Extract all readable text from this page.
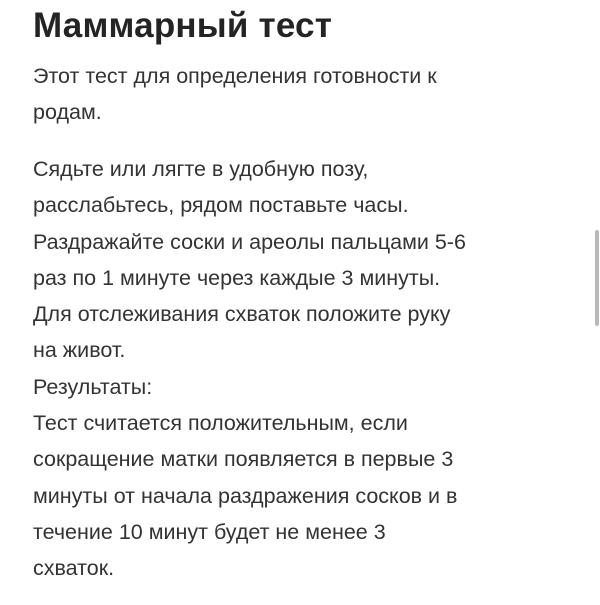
Маммарный тест

Этот тест для определения готовности к
родам.

Сядьте или лягте в удобную позу,
расслабьтесь, рядом поставьте часы.
Раздражайте соски и ареолы пальцами 5-6
раз по 1 минуте через каждые 3 минуты.
Для отслеживания схваток положите руку
на живот.
Результаты:
Тест считается положительным, если
сокращение матки появляется в первые 3
минуты от начала раздражения сосков и в
течение 10 минут будет не менее 3
схваток.
